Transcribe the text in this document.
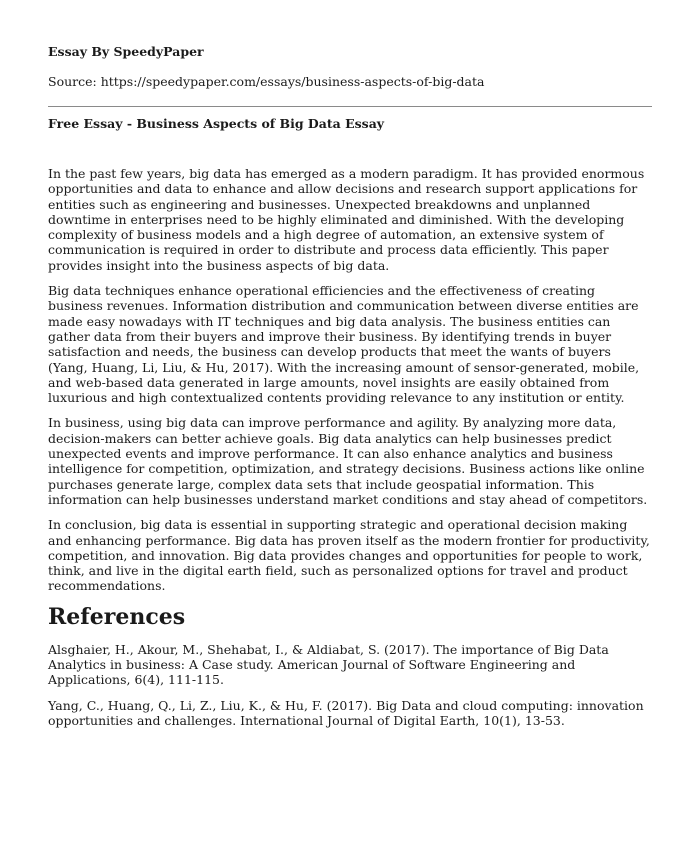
Essay By SpeedyPaper

Source: https://speedypaper.com/essays/business-aspects-of-big-data

Free Essay - Business Aspects of Big Data Essay

In the past few years, big data has emerged as a modern paradigm. It has provided enormous opportunities and data to enhance and allow decisions and research support applications for entities such as engineering and businesses. Unexpected breakdowns and unplanned downtime in enterprises need to be highly eliminated and diminished. With the developing complexity of business models and a high degree of automation, an extensive system of communication is required in order to distribute and process data efficiently. This paper provides insight into the business aspects of big data.

Big data techniques enhance operational efficiencies and the effectiveness of creating business revenues. Information distribution and communication between diverse entities are made easy nowadays with IT techniques and big data analysis. The business entities can gather data from their buyers and improve their business. By identifying trends in buyer satisfaction and needs, the business can develop products that meet the wants of buyers (Yang, Huang, Li, Liu, & Hu, 2017). With the increasing amount of sensor-generated, mobile, and web-based data generated in large amounts, novel insights are easily obtained from luxurious and high contextualized contents providing relevance to any institution or entity.

In business, using big data can improve performance and agility. By analyzing more data, decision-makers can better achieve goals. Big data analytics can help businesses predict unexpected events and improve performance. It can also enhance analytics and business intelligence for competition, optimization, and strategy decisions. Business actions like online purchases generate large, complex data sets that include geospatial information. This information can help businesses understand market conditions and stay ahead of competitors.

In conclusion, big data is essential in supporting strategic and operational decision making and enhancing performance. Big data has proven itself as the modern frontier for productivity, competition, and innovation. Big data provides changes and opportunities for people to work, think, and live in the digital earth field, such as personalized options for travel and product recommendations.

References

Alsghaier, H., Akour, M., Shehabat, I., & Aldiabat, S. (2017). The importance of Big Data Analytics in business: A Case study. American Journal of Software Engineering and Applications, 6(4), 111-115.

Yang, C., Huang, Q., Li, Z., Liu, K., & Hu, F. (2017). Big Data and cloud computing: innovation opportunities and challenges. International Journal of Digital Earth, 10(1), 13-53.
